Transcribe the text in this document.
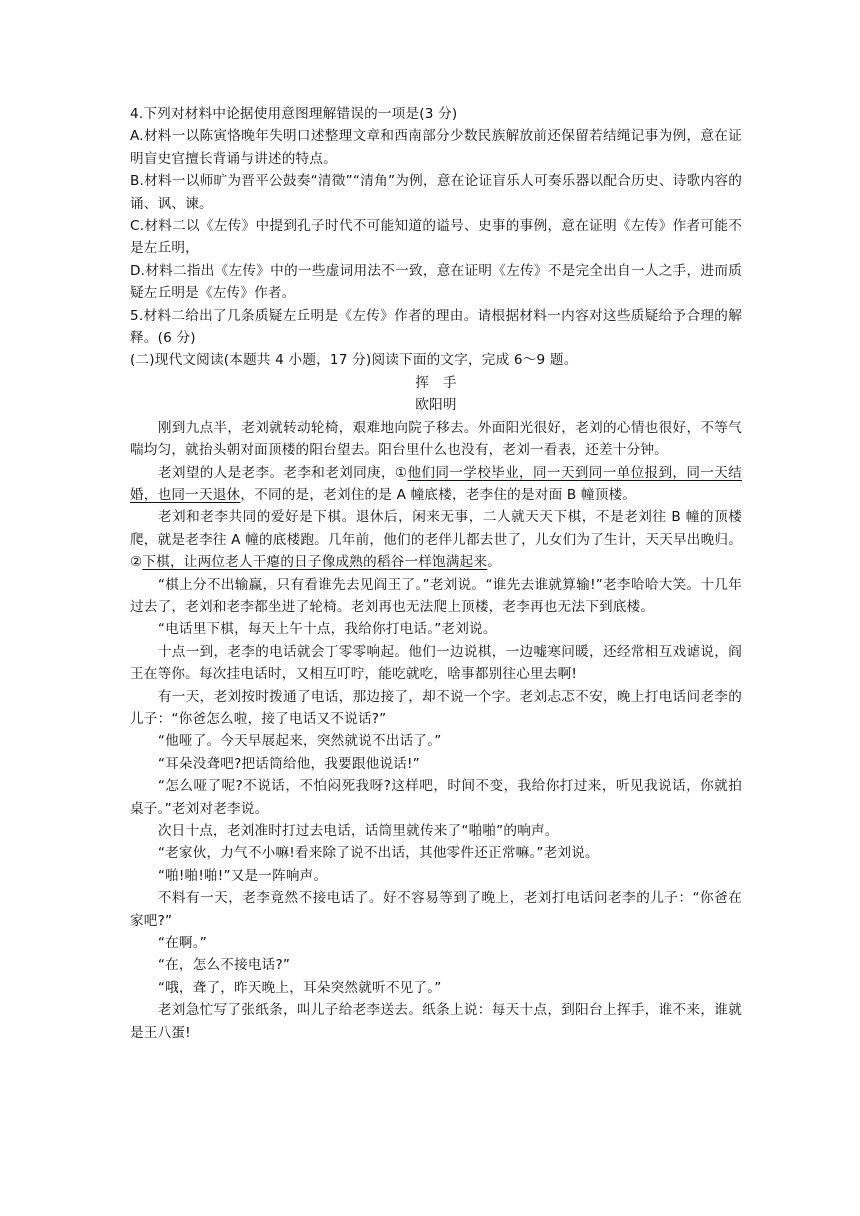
4.下列对材料中论据使用意图理解错误的一项是(3 分)

A.材料一以陈寅恪晚年失明口述整理文章和西南部分少数民族解放前还保留若结绳记事为例，意在证明盲史官擅长背诵与讲述的特点。

B.材料一以师旷为晋平公鼓奏“清徵”“清角”为例，意在论证盲乐人可奏乐器以配合历史、诗歌内容的诵、讽、谏。

C.材料二以《左传》中提到孔子时代不可能知道的谥号、史事的事例，意在证明《左传》作者可能不是左丘明，

D.材料二指出《左传》中的一些虚词用法不一致，意在证明《左传》不是完全出自一人之手，进而质疑左丘明是《左传》作者。

5.材料二给出了几条质疑左丘明是《左传》作者的理由。请根据材料一内容对这些质疑给予合理的解释。(6 分)

(二)现代文阅读(本题共 4 小题，17 分)阅读下面的文字，完成 6～9 题。

挥　手

欧阳明

刚到九点半，老刘就转动轮椅，艰难地向院子移去。外面阳光很好，老刘的心情也很好，不等气喘均匀，就抬头朝对面顶楼的阳台望去。阳台里什么也没有，老刘一看表，还差十分钟。

老刘望的人是老李。老李和老刘同庚，①他们同一学校毕业，同一天到同一单位报到，同一天结婚，也同一天退休，不同的是，老刘住的是 A 幢底楼，老李住的是对面 B 幢顶楼。

老刘和老李共同的爱好是下棋。退休后，闲来无事，二人就天天下棋，不是老刘往 B 幢的顶楼爬，就是老李往 A 幢的底楼跑。几年前，他们的老伴儿都去世了，儿女们为了生计，天天早出晚归。②下棋，让两位老人干瘪的日子像成熟的稻谷一样饱满起来。

“棋上分不出输赢，只有看谁先去见阎王了。”老刘说。“谁先去谁就算输!”老李哈哈大笑。十几年过去了，老刘和老李都坐进了轮椅。老刘再也无法爬上顶楼，老李再也无法下到底楼。

“电话里下棋，每天上午十点，我给你打电话。”老刘说。

十点一到，老李的电话就会丁零零响起。他们一边说棋，一边嘘寒问暖，还经常相互戏谑说，阎王在等你。每次挂电话时，又相互叮咛，能吃就吃，啥事都别往心里去啊!

有一天，老刘按时拨通了电话，那边接了，却不说一个字。老刘忐忑不安，晚上打电话问老李的儿子：“你爸怎么啦，接了电话又不说话?”

“他哑了。今天早展起来，突然就说不出话了。”

“耳朵没聋吧?把话筒给他，我要跟他说话!”

“怎么哑了呢?不说话，不怕闷死我呀?这样吧，时间不变，我给你打过来，听见我说话，你就拍桌子。”老刘对老李说。

次日十点，老刘准时打过去电话，话筒里就传来了“啪啪”的响声。

“老家伙，力气不小嘛!看来除了说不出话，其他零件还正常嘛。”老刘说。

“啪!啪!啪!”又是一阵响声。

不料有一天，老李竟然不接电话了。好不容易等到了晚上，老刘打电话问老李的儿子：“你爸在家吧?”

“在啊。”

“在，怎么不接电话?”

“哦，聋了，昨天晚上，耳朵突然就听不见了。”

老刘急忙写了张纸条，叫儿子给老李送去。纸条上说：每天十点，到阳台上挥手，谁不来，谁就是王八蛋!
